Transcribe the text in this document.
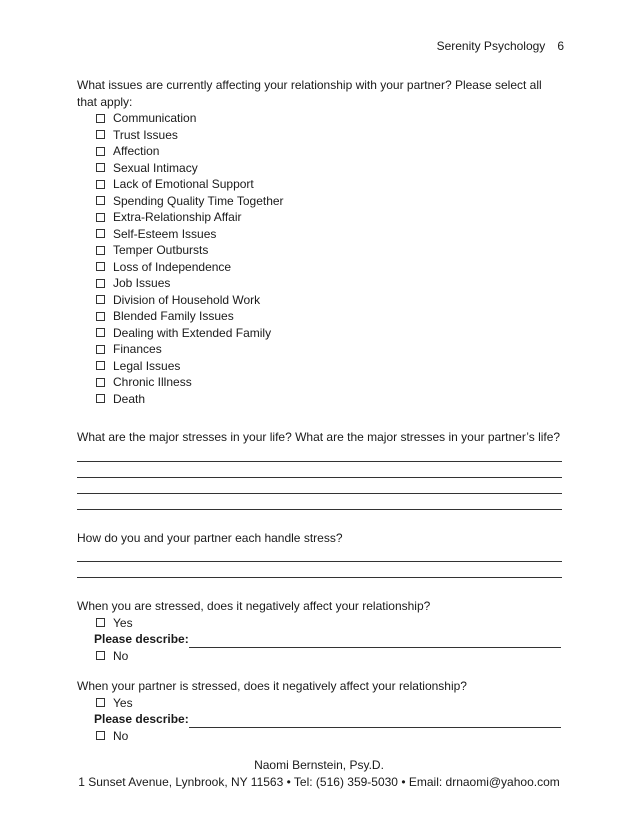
Serenity Psychology 6
What issues are currently affecting your relationship with your partner? Please select all that apply:
Communication
Trust Issues
Affection
Sexual Intimacy
Lack of Emotional Support
Spending Quality Time Together
Extra-Relationship Affair
Self-Esteem Issues
Temper Outbursts
Loss of Independence
Job Issues
Division of Household Work
Blended Family Issues
Dealing with Extended Family
Finances
Legal Issues
Chronic Illness
Death
What are the major stresses in your life? What are the major stresses in your partner’s life?
How do you and your partner each handle stress?
When you are stressed, does it negatively affect your relationship?
Yes
Please describe:
No
When your partner is stressed, does it negatively affect your relationship?
Yes
Please describe:
No
Naomi Bernstein, Psy.D.
1 Sunset Avenue, Lynbrook, NY 11563 • Tel: (516) 359-5030 • Email: drnaomi@yahoo.com
